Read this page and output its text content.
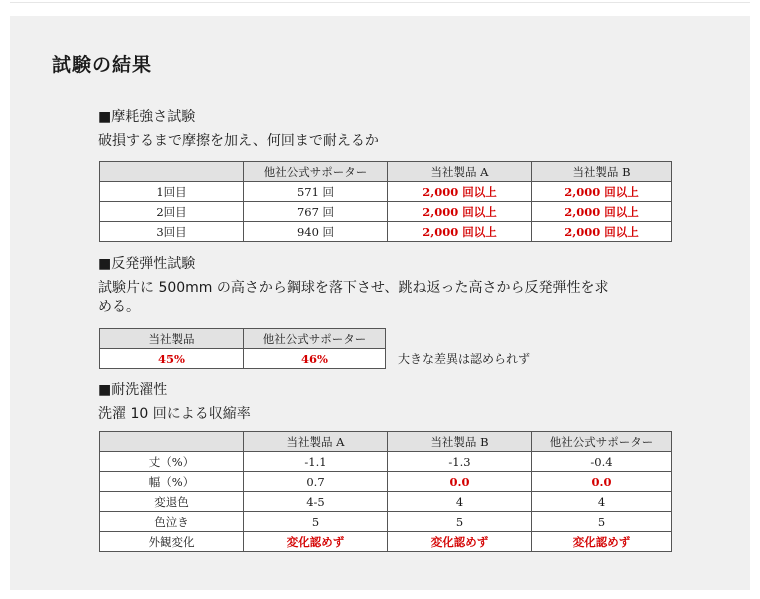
試験の結果
■摩耗強さ試験
破損するまで摩擦を加え、何回まで耐えるか
	他社公式サポーター	当社製品 A	当社製品 B
1回目	571 回	2,000 回以上	2,000 回以上
2回目	767 回	2,000 回以上	2,000 回以上
3回目	940 回	2,000 回以上	2,000 回以上
■反発弾性試験
試験片に 500mm の高さから鋼球を落下させ、跳ね返った高さから反発弾性を求
める。
当社製品	他社公式サポーター
45%	46%	大きな差異は認められず
■耐洗濯性
洗濯 10 回による収縮率
	当社製品 A	当社製品 B	他社公式サポーター
丈（%）	-1.1	-1.3	-0.4
幅（%）	0.7	0.0	0.0
変退色	4-5	4	4
色泣き	5	5	5
外観変化	変化認めず	変化認めず	変化認めず
